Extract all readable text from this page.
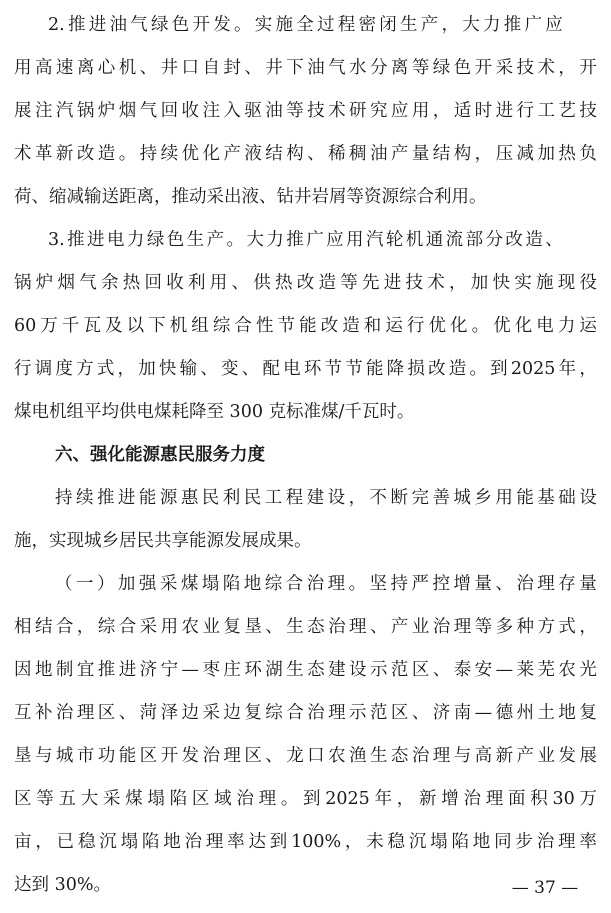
2. 推 进 油 气 绿 色 开 发 。 实 施 全 过 程 密 闭 生 产 ， 大 力 推 广 应
用 高 速 离 心 机 、 井 口 自 封 、 井 下 油 气 水 分 离 等 绿 色 开 采 技 术 ， 开
展 注 汽 锅 炉 烟 气 回 收 注 入 驱 油 等 技 术 研 究 应 用 ， 适 时 进 行 工 艺 技
术 革 新 改 造 。 持 续 优 化 产 液 结 构 、 稀 稠 油 产 量 结 构 ， 压 减 加 热 负
荷、缩减输送距离，推动采出液、钻井岩屑等资源综合利用。
3. 推 进 电 力 绿 色 生 产 。 大 力 推 广 应 用 汽 轮 机 通 流 部 分 改 造 、
锅 炉 烟 气 余 热 回 收 利 用 、 供 热 改 造 等 先 进 技 术 ， 加 快 实 施 现 役
60 万 千 瓦 及 以 下 机 组 综 合 性 节 能 改 造 和 运 行 优 化 。 优 化 电 力 运
行 调 度 方 式 ， 加 快 输 、 变 、 配 电 环 节 节 能 降 损 改 造 。 到 2025 年 ，
煤电机组平均供电煤耗降至 300 克标准煤/千瓦时。
六、强化能源惠民服务力度
持 续 推 进 能 源 惠 民 利 民 工 程 建 设 ， 不 断 完 善 城 乡 用 能 基 础 设
施，实现城乡居民共享能源发展成果。
（ 一 ） 加 强 采 煤 塌 陷 地 综 合 治 理 。 坚 持 严 控 增 量 、 治 理 存 量
相 结 合 ， 综 合 采 用 农 业 复 垦 、 生 态 治 理 、 产 业 治 理 等 多 种 方 式 ，
因 地 制 宜 推 进 济 宁 — 枣 庄 环 湖 生 态 建 设 示 范 区 、 泰 安 — 莱 芜 农 光
互 补 治 理 区 、 菏 泽 边 采 边 复 综 合 治 理 示 范 区 、 济 南 — 德 州 土 地 复
垦 与 城 市 功 能 区 开 发 治 理 区 、 龙 口 农 渔 生 态 治 理 与 高 新 产 业 发 展
区 等 五 大 采 煤 塌 陷 区 域 治 理 。 到 2025 年 ， 新 增 治 理 面 积 30 万
亩 ， 已 稳 沉 塌 陷 地 治 理 率 达 到 100% ， 未 稳 沉 塌 陷 地 同 步 治 理 率
达到 30%。	— 37 —
